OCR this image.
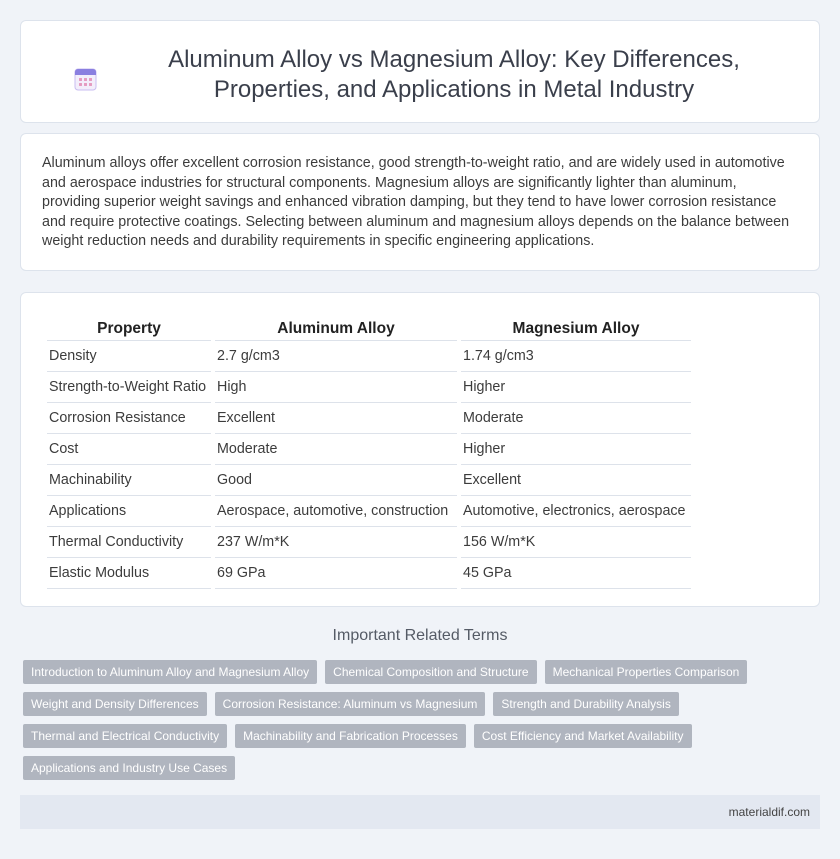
Aluminum Alloy vs Magnesium Alloy: Key Differences, Properties, and Applications in Metal Industry

Aluminum alloys offer excellent corrosion resistance, good strength-to-weight ratio, and are widely used in automotive and aerospace industries for structural components. Magnesium alloys are significantly lighter than aluminum, providing superior weight savings and enhanced vibration damping, but they tend to have lower corrosion resistance and require protective coatings. Selecting between aluminum and magnesium alloys depends on the balance between weight reduction needs and durability requirements in specific engineering applications.

Property	Aluminum Alloy	Magnesium Alloy
Density	2.7 g/cm3	1.74 g/cm3
Strength-to-Weight Ratio	High	Higher
Corrosion Resistance	Excellent	Moderate
Cost	Moderate	Higher
Machinability	Good	Excellent
Applications	Aerospace, automotive, construction	Automotive, electronics, aerospace
Thermal Conductivity	237 W/m*K	156 W/m*K
Elastic Modulus	69 GPa	45 GPa
Important Related Terms
Introduction to Aluminum Alloy and Magnesium Alloy	Chemical Composition and Structure	Mechanical Properties Comparison
Weight and Density Differences	Corrosion Resistance: Aluminum vs Magnesium	Strength and Durability Analysis
Thermal and Electrical Conductivity	Machinability and Fabrication Processes	Cost Efficiency and Market Availability
Applications and Industry Use Cases
materialdif.com
